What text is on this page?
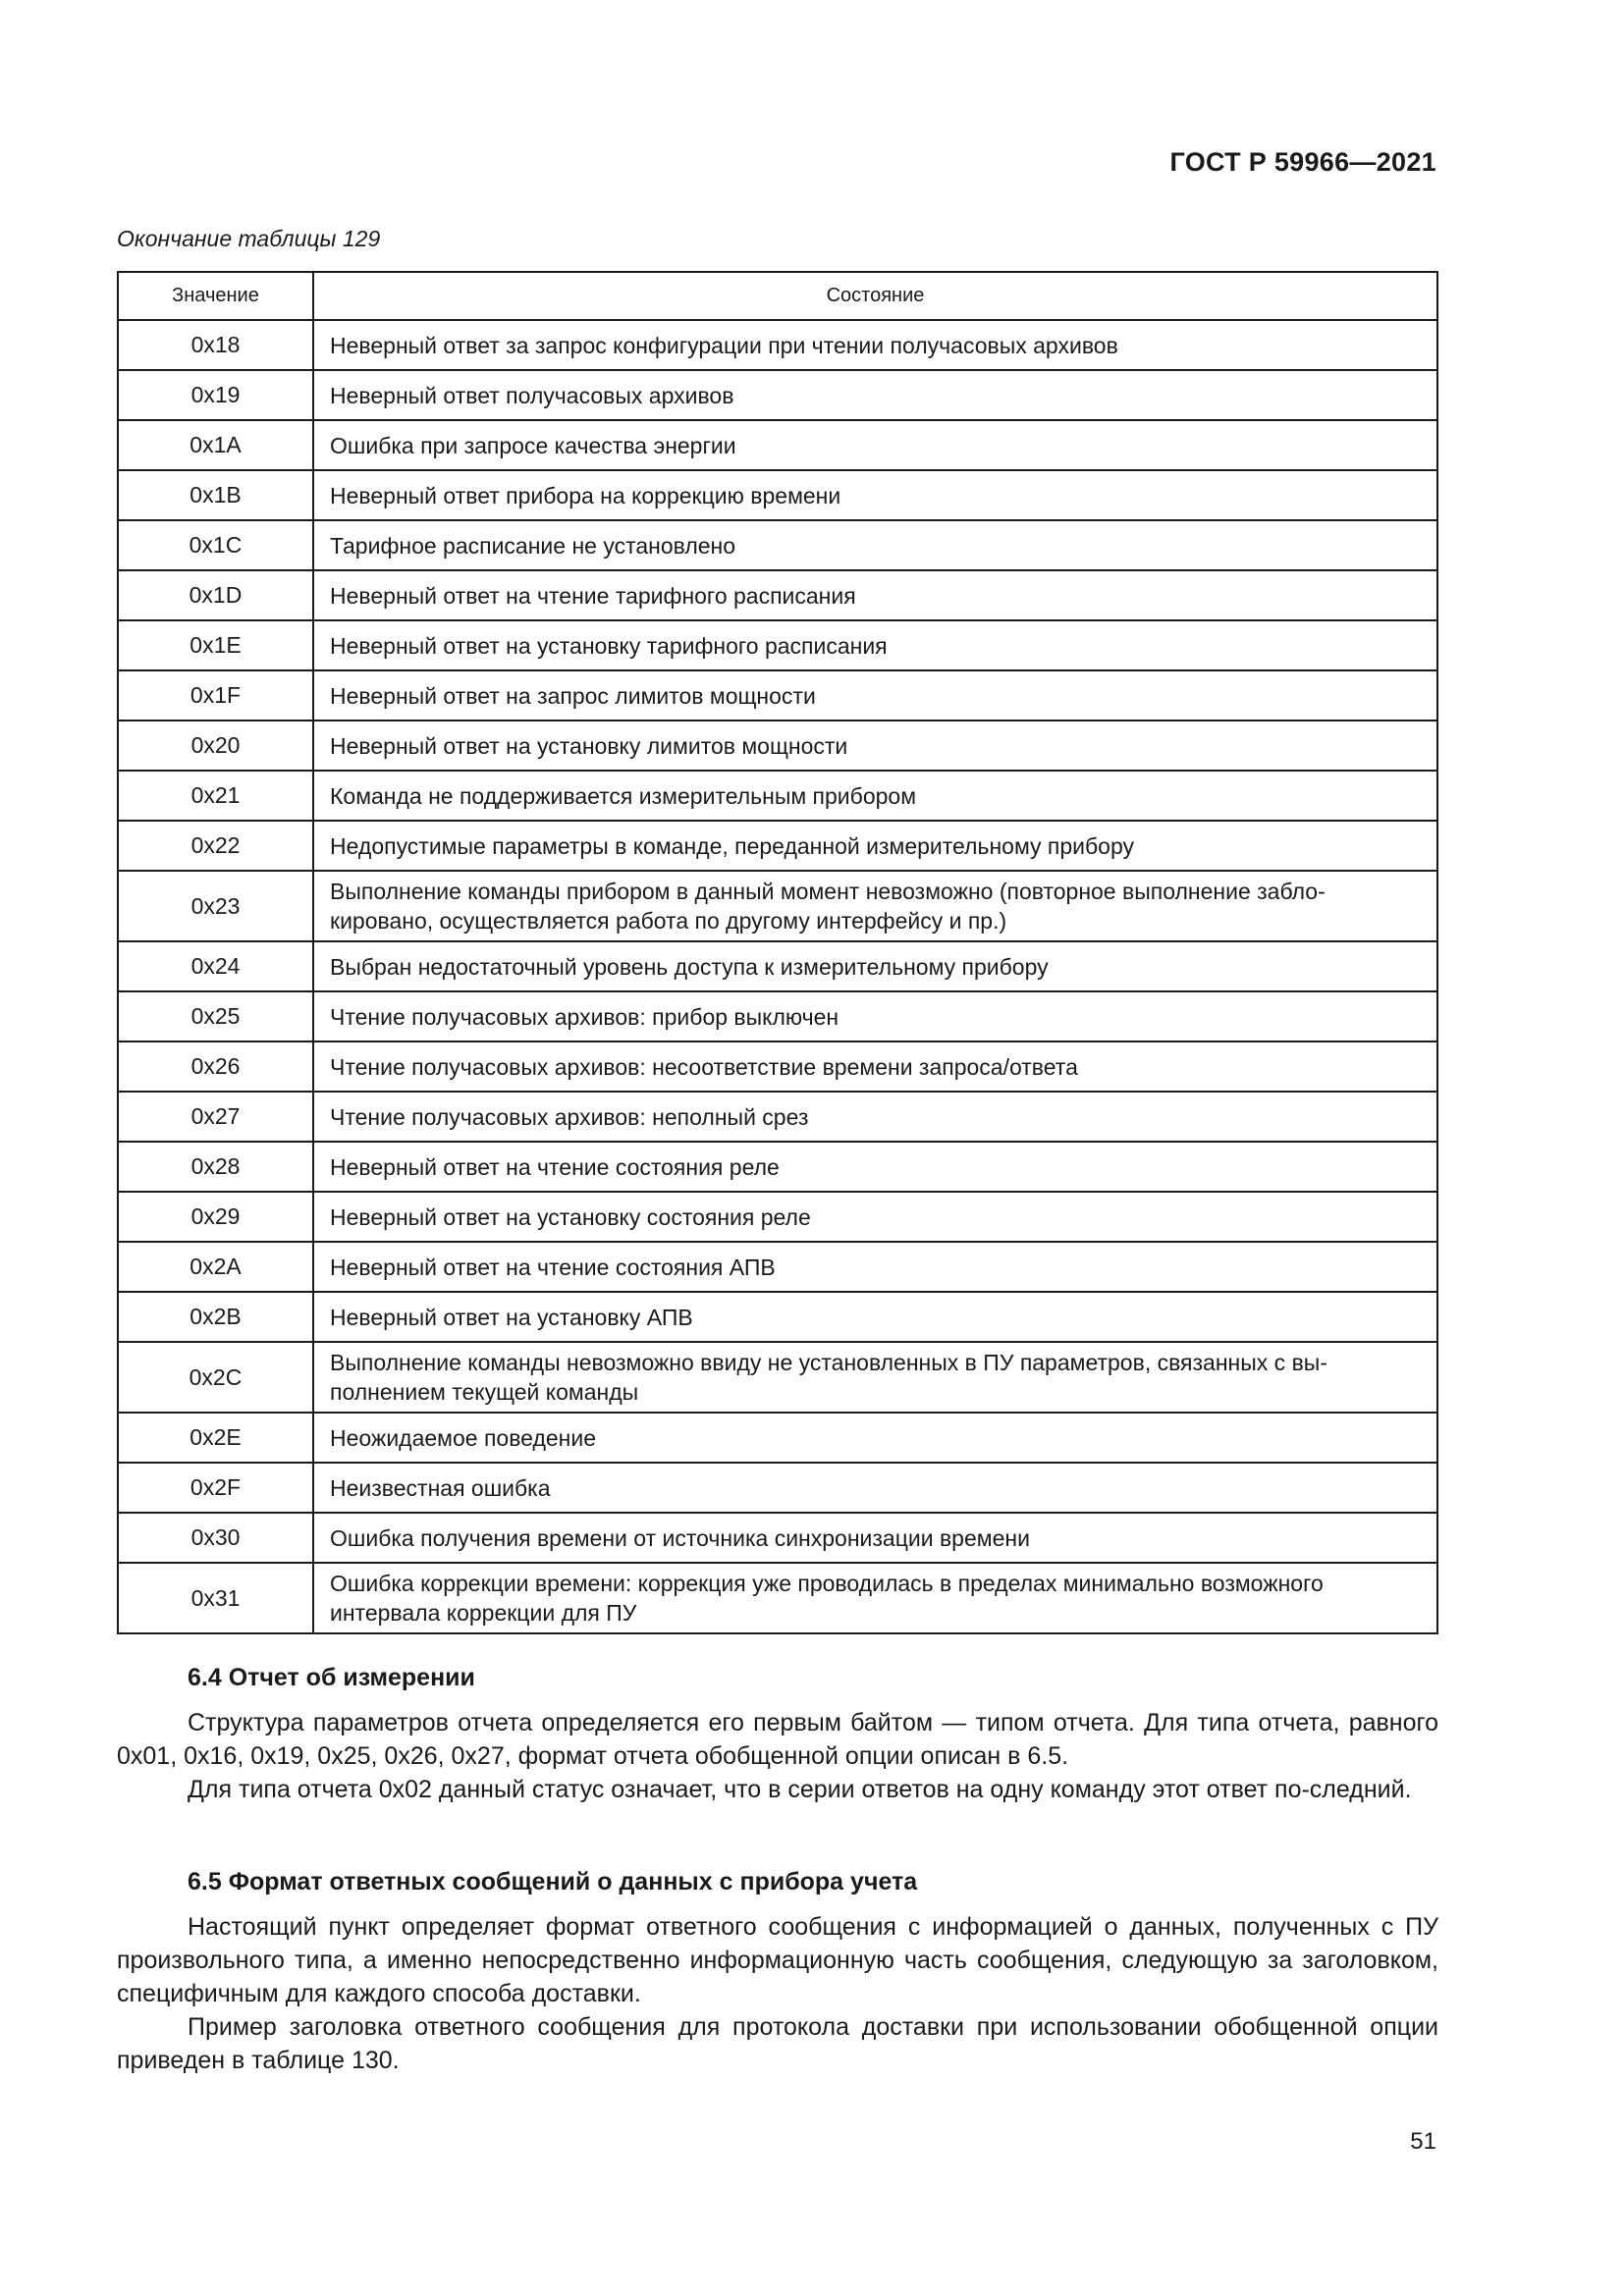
ГОСТ Р 59966—2021
Окончание таблицы 129
Значение	Состояние
0x18	Неверный ответ за запрос конфигурации при чтении получасовых архивов
0x19	Неверный ответ получасовых архивов
0x1A	Ошибка при запросе качества энергии
0x1B	Неверный ответ прибора на коррекцию времени
0x1C	Тарифное расписание не установлено
0x1D	Неверный ответ на чтение тарифного расписания
0x1E	Неверный ответ на установку тарифного расписания
0x1F	Неверный ответ на запрос лимитов мощности
0x20	Неверный ответ на установку лимитов мощности
0x21	Команда не поддерживается измерительным прибором
0x22	Недопустимые параметры в команде, переданной измерительному прибору
0x23	Выполнение команды прибором в данный момент невозможно (повторное выполнение забло-кировано, осуществляется работа по другому интерфейсу и пр.)
0x24	Выбран недостаточный уровень доступа к измерительному прибору
0x25	Чтение получасовых архивов: прибор выключен
0x26	Чтение получасовых архивов: несоответствие времени запроса/ответа
0x27	Чтение получасовых архивов: неполный срез
0x28	Неверный ответ на чтение состояния реле
0x29	Неверный ответ на установку состояния реле
0x2A	Неверный ответ на чтение состояния АПВ
0x2B	Неверный ответ на установку АПВ
0x2C	Выполнение команды невозможно ввиду не установленных в ПУ параметров, связанных с вы-полнением текущей команды
0x2E	Неожидаемое поведение
0x2F	Неизвестная ошибка
0x30	Ошибка получения времени от источника синхронизации времени
0x31	Ошибка коррекции времени: коррекция уже проводилась в пределах минимально возможного интервала коррекции для ПУ
6.4 Отчет об измерении

Структура параметров отчета определяется его первым байтом — типом отчета. Для типа отчета, равного 0x01, 0x16, 0x19, 0x25, 0x26, 0x27, формат отчета обобщенной опции описан в 6.5.

Для типа отчета 0x02 данный статус означает, что в серии ответов на одну команду этот ответ по-следний.

6.5 Формат ответных сообщений о данных с прибора учета

Настоящий пункт определяет формат ответного сообщения с информацией о данных, полученных с ПУ произвольного типа, а именно непосредственно информационную часть сообщения, следующую за заголовком, специфичным для каждого способа доставки.

Пример заголовка ответного сообщения для протокола доставки при использовании обобщенной опции приведен в таблице 130.

51
